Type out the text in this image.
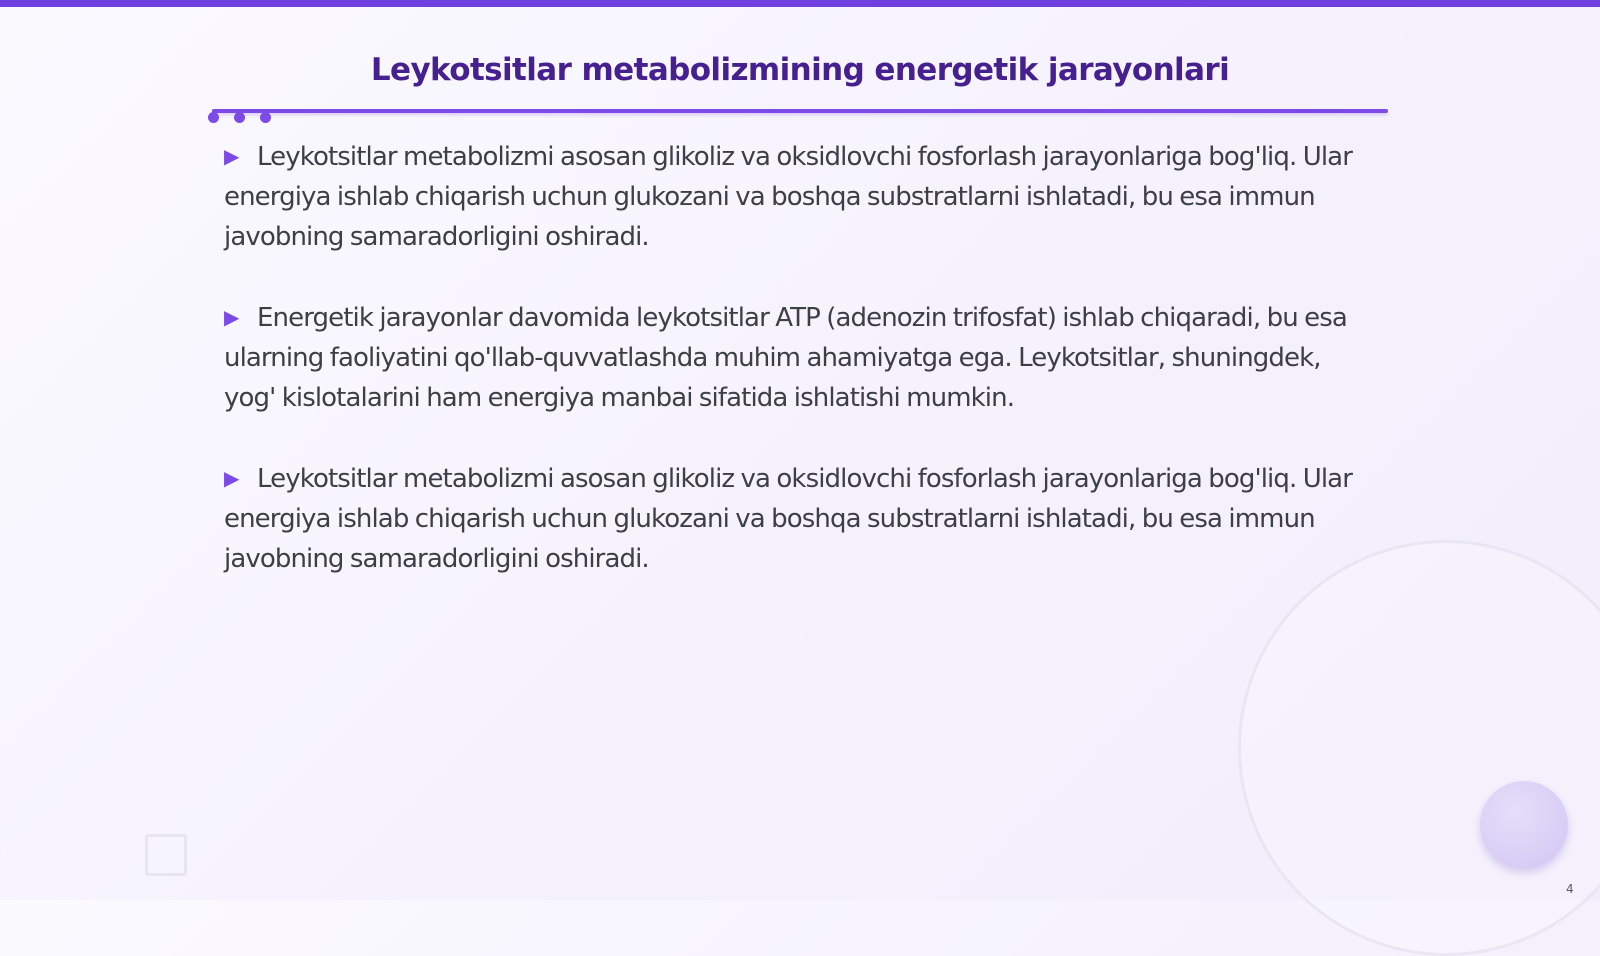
Leykotsitlar metabolizmining energetik jarayonlari

▶ Leykotsitlar metabolizmi asosan glikoliz va oksidlovchi fosforlash jarayonlariga bog'liq. Ular energiya ishlab chiqarish uchun glukozani va boshqa substratlarni ishlatadi, bu esa immun javobning samaradorligini oshiradi.

▶ Energetik jarayonlar davomida leykotsitlar ATP (adenozin trifosfat) ishlab chiqaradi, bu esa ularning faoliyatini qo'llab-quvvatlashda muhim ahamiyatga ega. Leykotsitlar, shuningdek, yog' kislotalarini ham energiya manbai sifatida ishlatishi mumkin.

▶ Leykotsitlar metabolizmi asosan glikoliz va oksidlovchi fosforlash jarayonlariga bog'liq. Ular energiya ishlab chiqarish uchun glukozani va boshqa substratlarni ishlatadi, bu esa immun javobning samaradorligini oshiradi.

4
